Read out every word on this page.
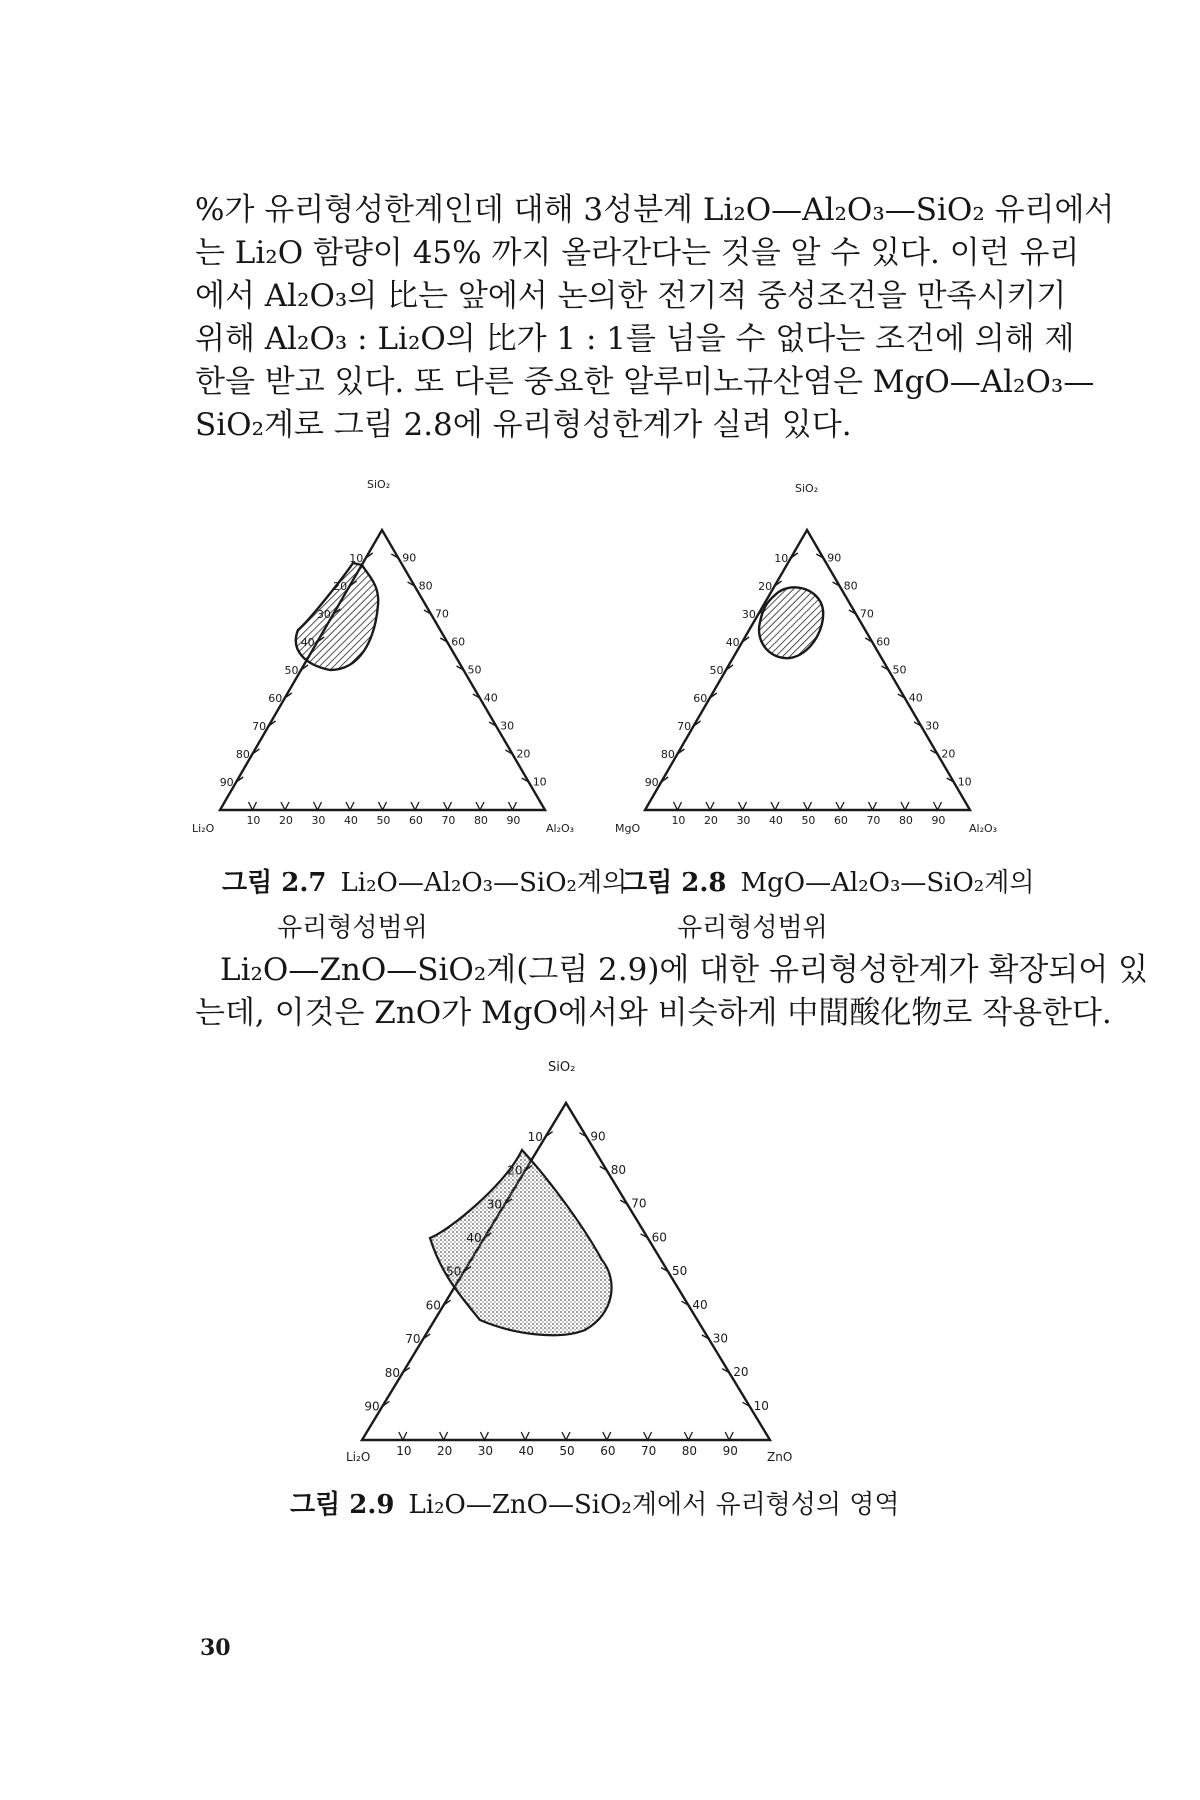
%가 유리형성한계인데 대해 3성분계 Li₂O—Al₂O₃—SiO₂ 유리에서
는 Li₂O 함량이 45% 까지 올라간다는 것을 알 수 있다. 이런 유리
에서 Al₂O₃의 比는 앞에서 논의한 전기적 중성조건을 만족시키기
위해 Al₂O₃ : Li₂O의 比가 1 : 1를 넘을 수 없다는 조건에 의해 제
한을 받고 있다. 또 다른 중요한 알루미노규산염은 MgO—Al₂O₃—
SiO₂계로 그림 2.8에 유리형성한계가 실려 있다.
10
20
30
40
50
60
70
80
90
90
80
70
60
50
40
30
20
10
10 20 30 40 50 60 70 80 90
SiO₂
Li₂O	Al₂O₃
10
20
30
40
50
60
70
80
90
90
80
70
60
50
40
30
20
10
10 20 30 40 50 60 70 80 90
SiO₂
MgO	Al₂O₃
그림 2.7 Li₂O—Al₂O₃—SiO₂계의
유리형성범위
그림 2.8 MgO—Al₂O₃—SiO₂계의
유리형성범위
Li₂O—ZnO—SiO₂계(그림 2.9)에 대한 유리형성한계가 확장되어 있
는데, 이것은 ZnO가 MgO에서와 비슷하게 中間酸化物로 작용한다.
10
20
30
40
50
60
70
80
90
90
80
70
60
50
40
30
20
10
10 20 30 40 50 60 70 80 90
SiO₂
Li₂O	ZnO
그림 2.9 Li₂O—ZnO—SiO₂계에서 유리형성의 영역
30
